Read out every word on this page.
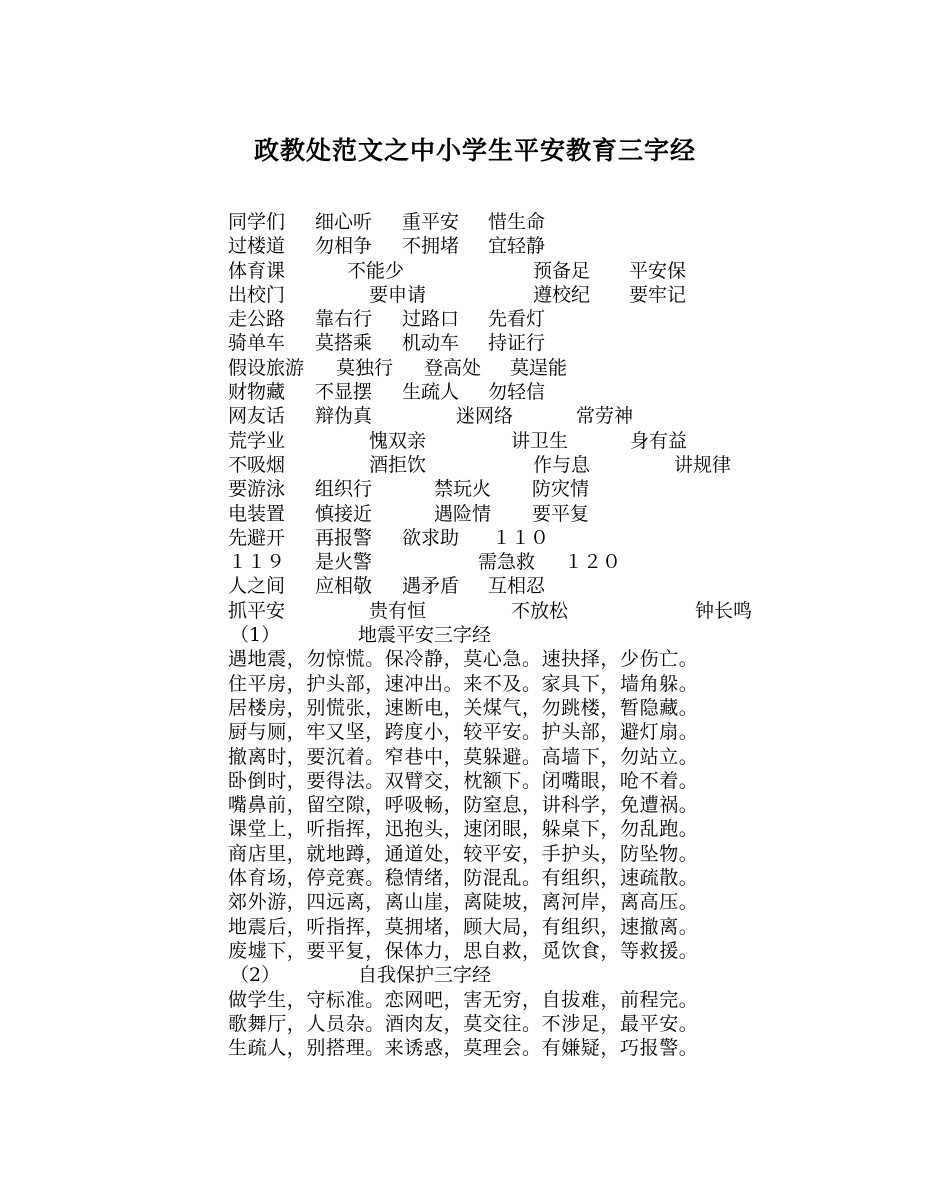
政教处范文之中小学生平安教育三字经
同学们 细心听 重平安 惜生命
过楼道 勿相争 不拥堵 宜轻静
体育课	不能少	预备足 平安保
出校门	要申请	遵校纪 要牢记
走公路 靠右行 过路口 先看灯
骑单车 莫搭乘 机动车 持证行
假设旅游 莫独行 登高处 莫逞能
财物藏 不显摆 生疏人 勿轻信
网友话 辩伪真	迷网络	常劳神
荒学业	愧双亲	讲卫生	身有益
不吸烟	酒拒饮	作与息	讲规律
要游泳 组织行	禁玩火 防灾情
电装置 慎接近	遇险情 要平复
先避开 再报警 欲求助 １１０
１１９ 是火警	需急救 １２０
人之间 应相敬 遇矛盾 互相忍
抓平安	贵有恒	不放松	钟长鸣
（1）	地震平安三字经
遇地震，勿惊慌。保冷静，莫心急。速抉择，少伤亡。
住平房，护头部，速冲出。来不及。家具下，墙角躲。
居楼房，别慌张，速断电，关煤气，勿跳楼，暂隐藏。
厨与厕，牢又坚，跨度小，较平安。护头部，避灯扇。
撤离时，要沉着。窄巷中，莫躲避。高墙下，勿站立。
卧倒时，要得法。双臂交，枕额下。闭嘴眼，呛不着。
嘴鼻前，留空隙，呼吸畅，防窒息，讲科学，免遭祸。
课堂上，听指挥，迅抱头，速闭眼，躲桌下，勿乱跑。
商店里，就地蹲，通道处，较平安，手护头，防坠物。
体育场，停竞赛。稳情绪，防混乱。有组织，速疏散。
郊外游，四远离，离山崖，离陡坡，离河岸，离高压。
地震后，听指挥，莫拥堵，顾大局，有组织，速撤离。
废墟下，要平复，保体力，思自救，觅饮食，等救援。
（2）	自我保护三字经
做学生，守标准。恋网吧，害无穷，自拔难，前程完。
歌舞厅，人员杂。酒肉友，莫交往。不涉足，最平安。
生疏人，别搭理。来诱惑，莫理会。有嫌疑，巧报警。
